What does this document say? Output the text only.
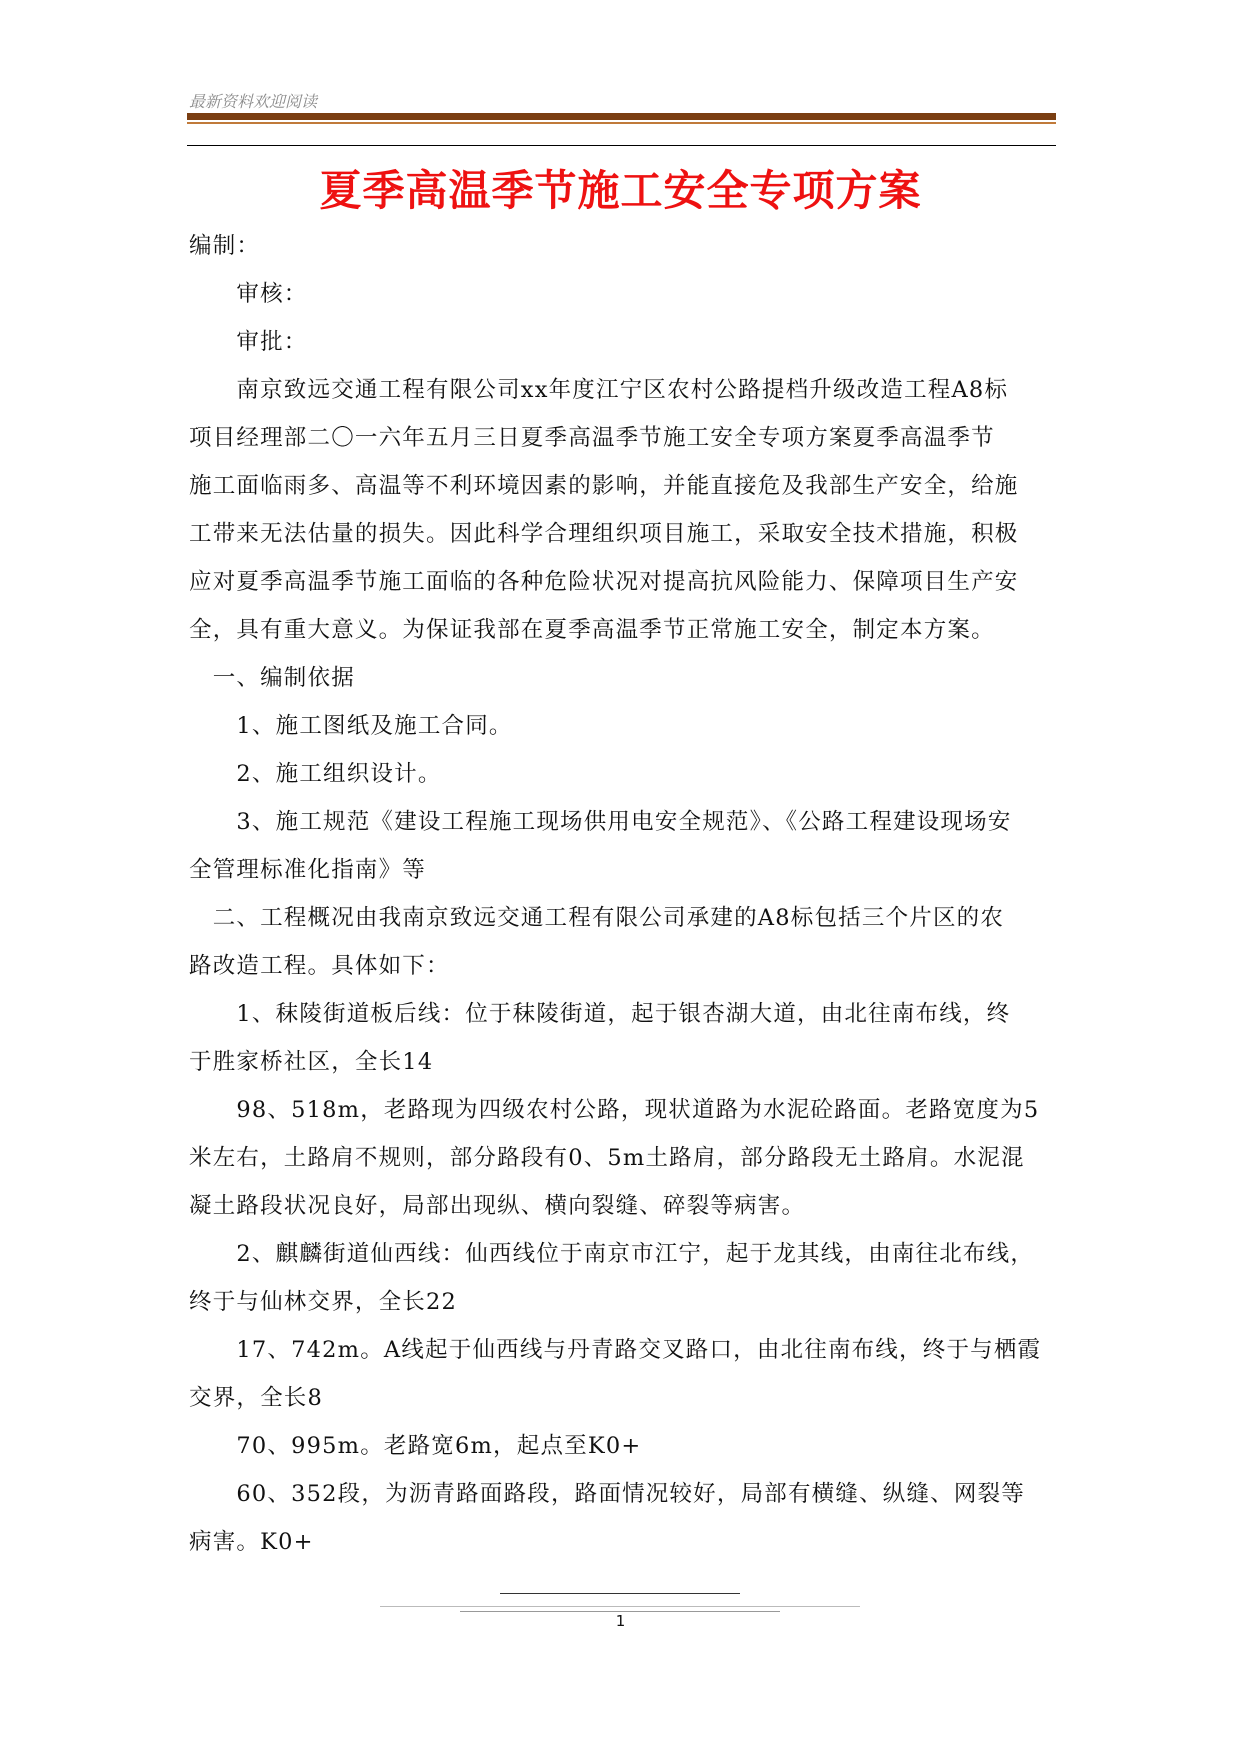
最新资料欢迎阅读
夏季高温季节施工安全专项方案

编制：

　　审核：

　　审批：

　　南京致远交通工程有限公司xx年度江宁区农村公路提档升级改造工程A8标

项目经理部二〇一六年五月三日夏季高温季节施工安全专项方案夏季高温季节

施工面临雨多、高温等不利环境因素的影响，并能直接危及我部生产安全，给施

工带来无法估量的损失。因此科学合理组织项目施工，采取安全技术措施，积极

应对夏季高温季节施工面临的各种危险状况对提高抗风险能力、保障项目生产安

全，具有重大意义。为保证我部在夏季高温季节正常施工安全，制定本方案。

　一、编制依据

　　1、施工图纸及施工合同。

　　2、施工组织设计。

　　3、施工规范《建设工程施工现场供用电安全规范》、《公路工程建设现场安

全管理标准化指南》等

　二、工程概况由我南京致远交通工程有限公司承建的A8标包括三个片区的农

路改造工程。具体如下：

　　1、秣陵街道板后线：位于秣陵街道，起于银杏湖大道，由北往南布线，终

于胜家桥社区，全长14

　　98、518m，老路现为四级农村公路，现状道路为水泥砼路面。老路宽度为5

米左右，土路肩不规则，部分路段有0、5m土路肩，部分路段无土路肩。水泥混

凝土路段状况良好，局部出现纵、横向裂缝、碎裂等病害。

　　2、麒麟街道仙西线：仙西线位于南京市江宁，起于龙其线，由南往北布线，

终于与仙林交界，全长22

　　17、742m。A线起于仙西线与丹青路交叉路口，由北往南布线，终于与栖霞

交界，全长8

　　70、995m。老路宽6m，起点至K0+

　　60、352段，为沥青路面路段，路面情况较好，局部有横缝、纵缝、网裂等

病害。K0+

1
